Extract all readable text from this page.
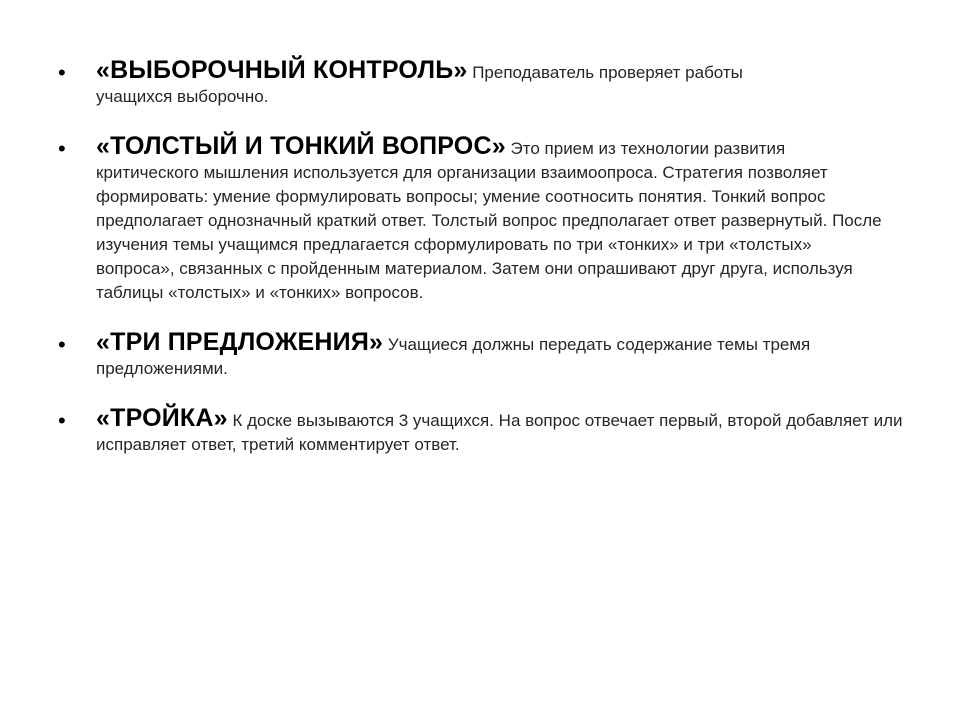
• «ВЫБОРОЧНЫЙ КОНТРОЛЬ» Преподаватель проверяет работы учащихся выборочно.
• «ТОЛСТЫЙ И ТОНКИЙ ВОПРОС» Это прием из технологии развития критического мышления используется для организации взаимоопроса. Стратегия позволяет формировать: умение формулировать вопросы; умение соотносить понятия. Тонкий вопрос предполагает однозначный краткий ответ. Толстый вопрос предполагает ответ развернутый. После изучения темы учащимся предлагается сформулировать по три «тонких» и три «толстых» вопроса», связанных с пройденным материалом. Затем они опрашивают друг друга, используя таблицы «толстых» и «тонких» вопросов.
• «ТРИ ПРЕДЛОЖЕНИЯ» Учащиеся должны передать содержание темы тремя предложениями.
• «ТРОЙКА» К доске вызываются 3 учащихся. На вопрос отвечает первый, второй добавляет или исправляет ответ, третий комментирует ответ.
